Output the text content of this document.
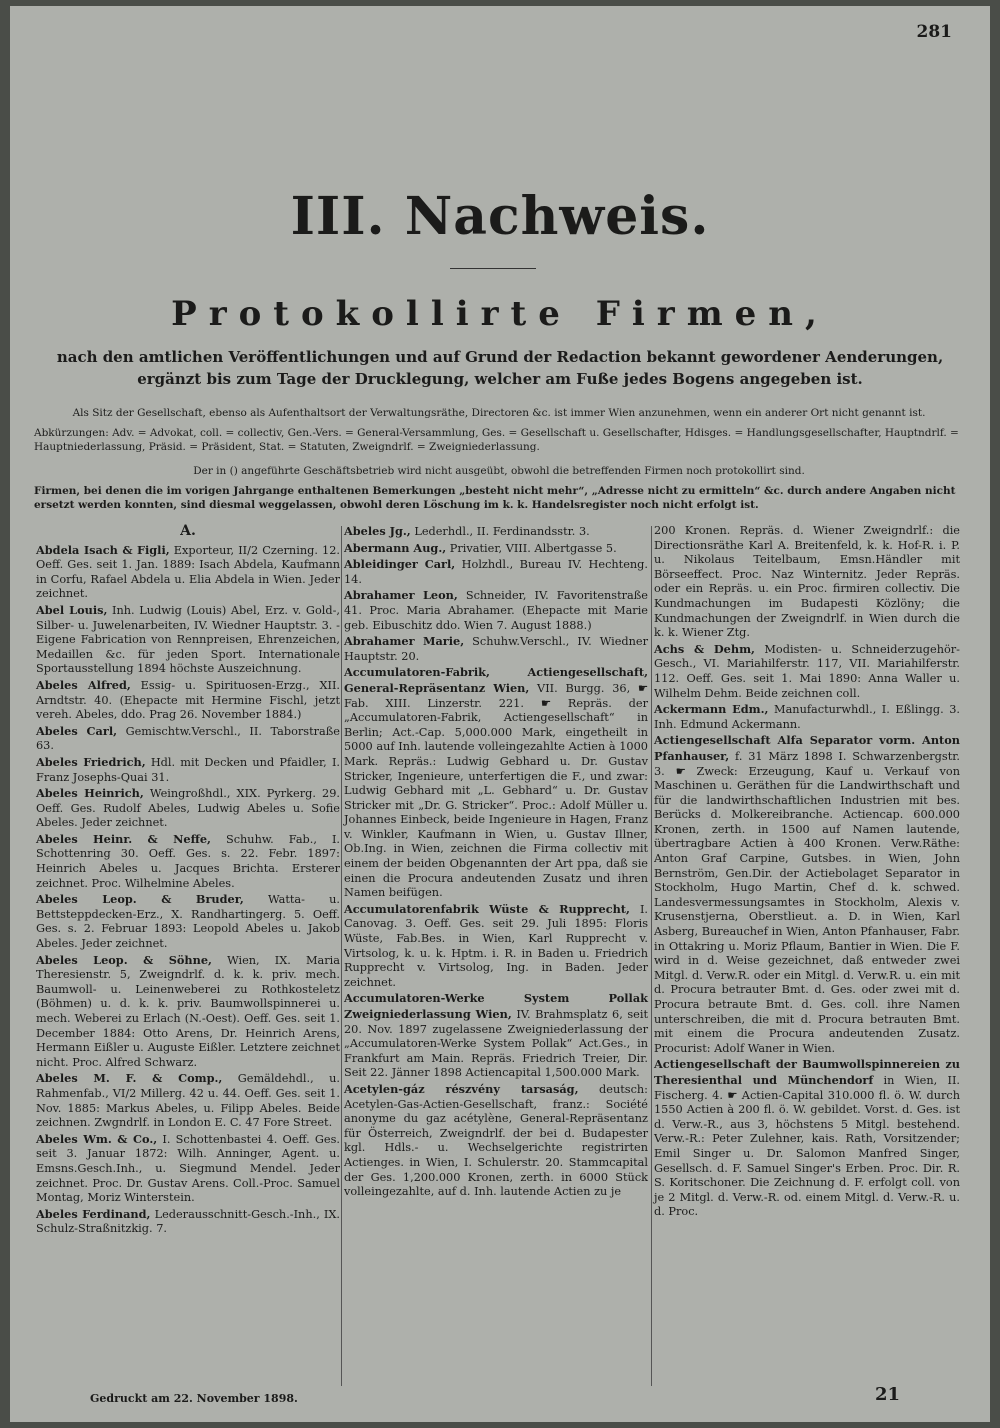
281
III. Nachweis.
Protokollirte Firmen,
nach den amtlichen Veröffentlichungen und auf Grund der Redaction bekannt gewordener Aenderungen, ergänzt bis zum Tage der Drucklegung, welcher am Fuße jedes Bogens angegeben ist.
Als Sitz der Gesellschaft, ebenso als Aufenthaltsort der Verwaltungsräthe, Directoren &c. ist immer Wien anzunehmen, wenn ein anderer Ort nicht genannt ist.
Abkürzungen: Adv. = Advokat, coll. = collectiv, Gen.-Vers. = General-Versammlung, Ges. = Gesellschaft u. Gesellschafter, Hdisges. = Handlungsgesellschafter, Hauptndrlf. = Hauptniederlassung, Präsid. = Präsident, Stat. = Statuten, Zweigndrlf. = Zweigniederlassung.
Der in () angeführte Geschäftsbetrieb wird nicht ausgeübt, obwohl die betreffenden Firmen noch protokollirt sind.
Firmen, bei denen die im vorigen Jahrgange enthaltenen Bemerkungen „besteht nicht mehr“, „Adresse nicht zu ermitteln“ &c. durch andere Angaben nicht ersetzt werden konnten, sind diesmal weggelassen, obwohl deren Löschung im k. k. Handelsregister noch nicht erfolgt ist.

A.

Abdela Isach & Figli, Exporteur, II/2 Czerning. 12. Oeff. Ges. seit 1. Jan. 1889: Isach Abdela, Kaufmann in Corfu, Rafael Abdela u. Elia Abdela in Wien. Jeder zeichnet.

Abel Louis, Inh. Ludwig (Louis) Abel, Erz. v. Gold-, Silber- u. Juwelenarbeiten, IV. Wiedner Hauptstr. 3. -Eigene Fabrication von Rennpreisen, Ehrenzeichen, Medaillen &c. für jeden Sport. Internationale Sportausstellung 1894 höchste Auszeichnung.

Abeles Alfred, Essig- u. Spirituosen-Erzg., XII. Arndtstr. 40. (Ehepacte mit Hermine Fischl, jetzt vereh. Abeles, ddo. Prag 26. November 1884.)

Abeles Carl, Gemischtw.Verschl., II. Taborstraße 63.

Abeles Friedrich, Hdl. mit Decken und Pfaidler, I. Franz Josephs-Quai 31.

Abeles Heinrich, Weingroßhdl., XIX. Pyrkerg. 29. Oeff. Ges. Rudolf Abeles, Ludwig Abeles u. Sofie Abeles. Jeder zeichnet.

Abeles Heinr. & Neffe, Schuhw. Fab., I. Schottenring 30. Oeff. Ges. s. 22. Febr. 1897: Heinrich Abeles u. Jacques Brichta. Ersterer zeichnet. Proc. Wilhelmine Abeles.

Abeles Leop. & Bruder, Watta- u. Bettsteppdecken-Erz., X. Randhartingerg. 5. Oeff. Ges. s. 2. Februar 1893: Leopold Abeles u. Jakob Abeles. Jeder zeichnet.

Abeles Leop. & Söhne, Wien, IX. Maria Theresienstr. 5, Zweigndrlf. d. k. k. priv. mech. Baumwoll- u. Leinenweberei zu Rothkosteletz (Böhmen) u. d. k. k. priv. Baumwollspinnerei u. mech. Weberei zu Erlach (N.-Oest). Oeff. Ges. seit 1. December 1884: Otto Arens, Dr. Heinrich Arens, Hermann Eißler u. Auguste Eißler. Letztere zeichnet nicht. Proc. Alfred Schwarz.

Abeles M. F. & Comp., Gemäldehdl., u. Rahmenfab., VI/2 Millerg. 42 u. 44. Oeff. Ges. seit 1. Nov. 1885: Markus Abeles, u. Filipp Abeles. Beide zeichnen. Zwgndrlf. in London E. C. 47 Fore Street.

Abeles Wm. & Co., I. Schottenbastei 4. Oeff. Ges. seit 3. Januar 1872: Wilh. Anninger, Agent. u. Emsns.Gesch.Inh., u. Siegmund Mendel. Jeder zeichnet. Proc. Dr. Gustav Arens. Coll.-Proc. Samuel Montag, Moriz Winterstein.

Abeles Ferdinand, Lederausschnitt-Gesch.-Inh., IX. Schulz-Straßnitzkig. 7.

Abeles Jg., Lederhdl., II. Ferdinandsstr. 3.

Abermann Aug., Privatier, VIII. Albertgasse 5.

Ableidinger Carl, Holzhdl., Bureau IV. Hechteng. 14.

Abrahamer Leon, Schneider, IV. Favoritenstraße 41. Proc. Maria Abrahamer. (Ehepacte mit Marie geb. Eibuschitz ddo. Wien 7. August 1888.)

Abrahamer Marie, Schuhw.Verschl., IV. Wiedner Hauptstr. 20.

Accumulatoren-Fabrik, Actiengesellschaft, General-Repräsentanz Wien, VII. Burgg. 36, ☛ Fab. XIII. Linzerstr. 221. ☛ Repräs. der „Accumulatoren-Fabrik, Actiengesellschaft“ in Berlin; Act.-Cap. 5,000.000 Mark, eingetheilt in 5000 auf Inh. lautende volleingezahlte Actien à 1000 Mark. Repräs.: Ludwig Gebhard u. Dr. Gustav Stricker, Ingenieure, unterfertigen die F., und zwar: Ludwig Gebhard mit „L. Gebhard“ u. Dr. Gustav Stricker mit „Dr. G. Stricker“. Proc.: Adolf Müller u. Johannes Einbeck, beide Ingenieure in Hagen, Franz v. Winkler, Kaufmann in Wien, u. Gustav Illner, Ob.Ing. in Wien, zeichnen die Firma collectiv mit einem der beiden Obgenannten der Art ppa, daß sie einen die Procura andeutenden Zusatz und ihren Namen beifügen.

Accumulatorenfabrik Wüste & Rupprecht, I. Canovag. 3. Oeff. Ges. seit 29. Juli 1895: Floris Wüste, Fab.Bes. in Wien, Karl Rupprecht v. Virtsolog, k. u. k. Hptm. i. R. in Baden u. Friedrich Rupprecht v. Virtsolog, Ing. in Baden. Jeder zeichnet.

Accumulatoren-Werke System Pollak Zweigniederlassung Wien, IV. Brahmsplatz 6, seit 20. Nov. 1897 zugelassene Zweigniederlassung der „Accumulatoren-Werke System Pollak“ Act.Ges., in Frankfurt am Main. Repräs. Friedrich Treier, Dir. Seit 22. Jänner 1898 Actiencapital 1,500.000 Mark.

Acetylen-gáz részvény tarsaság, deutsch: Acetylen-Gas-Actien-Gesellschaft, franz.: Société anonyme du gaz acétylène, General-Repräsentanz für Österreich, Zweigndrlf. der bei d. Budapester kgl. Hdls.- u. Wechselgerichte registrirten Actienges. in Wien, I. Schulerstr. 20. Stammcapital der Ges. 1,200.000 Kronen, zerth. in 6000 Stück volleingezahlte, auf d. Inh. lautende Actien zu je

200 Kronen. Repräs. d. Wiener Zweigndrlf.: die Directionsräthe Karl A. Breitenfeld, k. k. Hof-R. i. P. u. Nikolaus Teitelbaum, Emsn.Händler mit Börseeffect. Proc. Naz Winternitz. Jeder Repräs. oder ein Repräs. u. ein Proc. firmiren collectiv. Die Kundmachungen im Budapesti Közlöny; die Kundmachungen der Zweigndrlf. in Wien durch die k. k. Wiener Ztg.

Achs & Dehm, Modisten- u. Schneiderzugehör-Gesch., VI. Mariahilferstr. 117, VII. Mariahilferstr. 112. Oeff. Ges. seit 1. Mai 1890: Anna Waller u. Wilhelm Dehm. Beide zeichnen coll.

Ackermann Edm., Manufacturwhdl., I. Eßlingg. 3. Inh. Edmund Ackermann.

Actiengesellschaft Alfa Separator vorm. Anton Pfanhauser, f. 31 März 1898 I. Schwarzenbergstr. 3. ☛ Zweck: Erzeugung, Kauf u. Verkauf von Maschinen u. Geräthen für die Landwirthschaft und für die landwirthschaftlichen Industrien mit bes. Berücks d. Molkereibranche. Actiencap. 600.000 Kronen, zerth. in 1500 auf Namen lautende, übertragbare Actien à 400 Kronen. Verw.Räthe: Anton Graf Carpine, Gutsbes. in Wien, John Bernström, Gen.Dir. der Actiebolaget Separator in Stockholm, Hugo Martin, Chef d. k. schwed. Landesvermessungsamtes in Stockholm, Alexis v. Krusenstjerna, Oberstlieut. a. D. in Wien, Karl Asberg, Bureauchef in Wien, Anton Pfanhauser, Fabr. in Ottakring u. Moriz Pflaum, Bantier in Wien. Die F. wird in d. Weise gezeichnet, daß entweder zwei Mitgl. d. Verw.R. oder ein Mitgl. d. Verw.R. u. ein mit d. Procura betrauter Bmt. d. Ges. oder zwei mit d. Procura betraute Bmt. d. Ges. coll. ihre Namen unterschreiben, die mit d. Procura betrauten Bmt. mit einem die Procura andeutenden Zusatz. Procurist: Adolf Waner in Wien.

Actiengesellschaft der Baumwollspinnereien zu Theresienthal und Münchendorf in Wien, II. Fischerg. 4. ☛ Actien-Capital 310.000 fl. ö. W. durch 1550 Actien à 200 fl. ö. W. gebildet. Vorst. d. Ges. ist d. Verw.-R., aus 3, höchstens 5 Mitgl. bestehend. Verw.-R.: Peter Zulehner, kais. Rath, Vorsitzender; Emil Singer u. Dr. Salomon Manfred Singer, Gesellsch. d. F. Samuel Singer's Erben. Proc. Dir. R. S. Koritschoner. Die Zeichnung d. F. erfolgt coll. von je 2 Mitgl. d. Verw.-R. od. einem Mitgl. d. Verw.-R. u. d. Proc.

Gedruckt am 22. November 1898.	21
